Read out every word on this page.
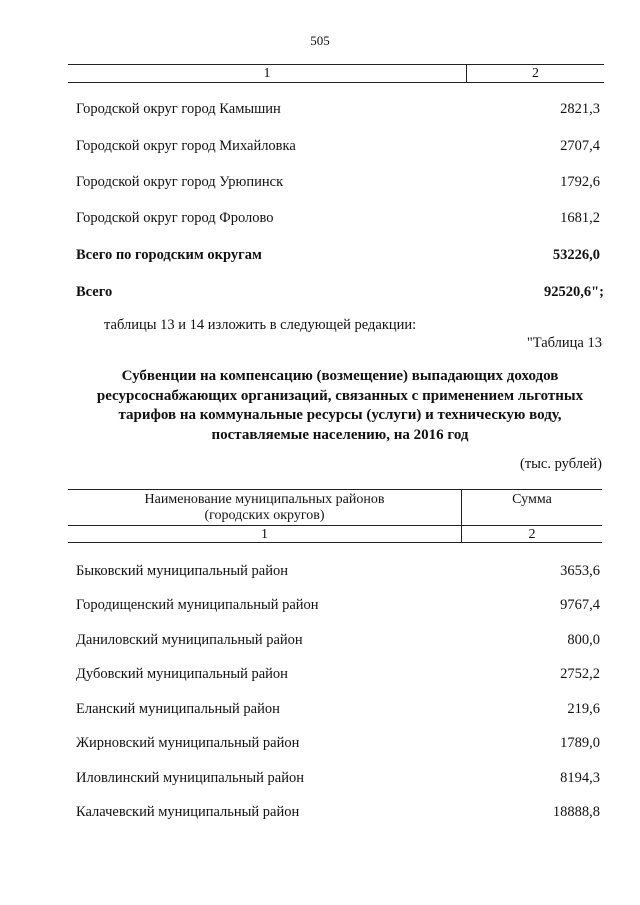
505
1	2
Городской округ город Камышин	2821,3
Городской округ город Михайловка	2707,4
Городской округ город Урюпинск	1792,6
Городской округ город Фролово	1681,2
Всего по городским округам	53226,0
Всего	92520,6";
таблицы 13 и 14 изложить в следующей редакции:
"Таблица 13
Субвенции на компенсацию (возмещение) выпадающих доходов
ресурсоснабжающих организаций, связанных с применением льготных
тарифов на коммунальные ресурсы (услуги) и техническую воду,
поставляемые населению, на 2016 год
(тыс. рублей)
Наименование муниципальных районов
(городских округов)
Сумма
1	2
Быковский муниципальный район	3653,6
Городищенский муниципальный район	9767,4
Даниловский муниципальный район	800,0
Дубовский муниципальный район	2752,2
Еланский муниципальный район	219,6
Жирновский муниципальный район	1789,0
Иловлинский муниципальный район	8194,3
Калачевский муниципальный район	18888,8
